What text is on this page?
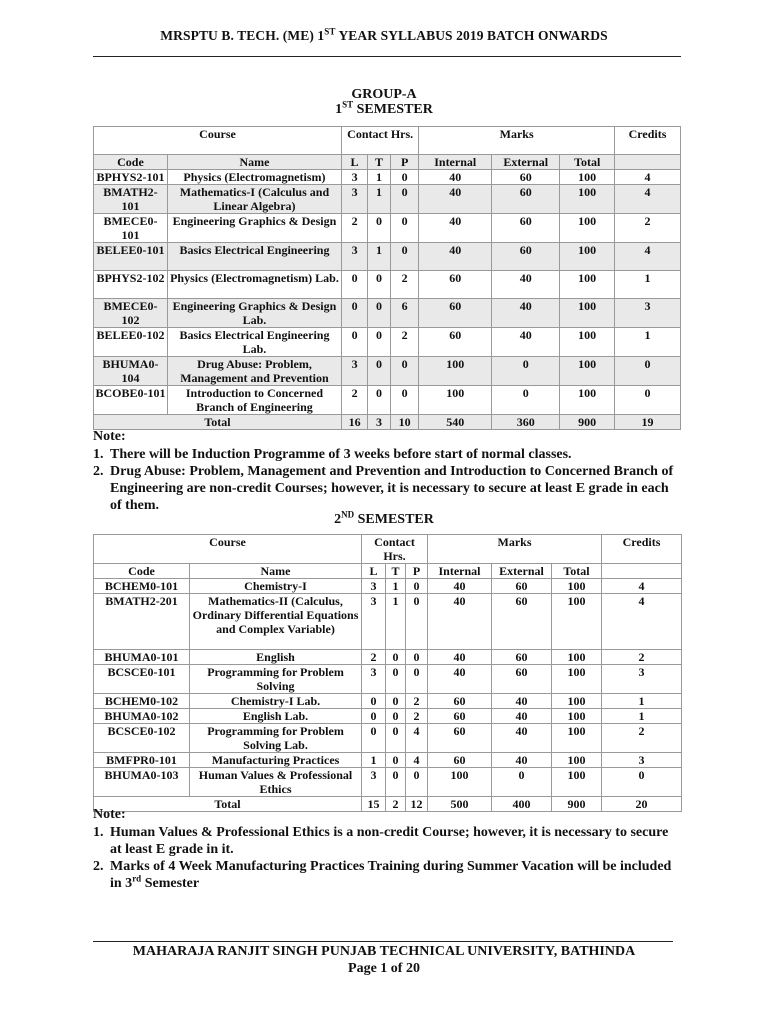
MRSPTU B. TECH. (ME) 1ST YEAR SYLLABUS 2019 BATCH ONWARDS
GROUP-A
1ST SEMESTER
Course		Contact Hrs.			Marks			Credits
Code	Name	L	T	P	Internal	External	Total	
BPHYS2-101	Physics (Electromagnetism)	3	1	0	40	60	100	4
BMATH2-101	Mathematics-I (Calculus and Linear Algebra)	3	1	0	40	60	100	4
BMECE0-101	Engineering Graphics & Design	2	0	0	40	60	100	2
BELEE0-101	Basics Electrical Engineering	3	1	0	40	60	100	4
BPHYS2-102	Physics (Electromagnetism) Lab.	0	0	2	60	40	100	1
BMECE0-102	Engineering Graphics & Design Lab.	0	0	6	60	40	100	3
BELEE0-102	Basics Electrical Engineering Lab.	0	0	2	60	40	100	1
BHUMA0-104	Drug Abuse: Problem, Management and Prevention	3	0	0	100	0	100	0
BCOBE0-101	Introduction to Concerned Branch of Engineering	2	0	0	100	0	100	0
Total		16	3	10	540	360	900	19
Note:
1. There will be Induction Programme of 3 weeks before start of normal classes.
2. Drug Abuse: Problem, Management and Prevention and Introduction to Concerned Branch of Engineering are non-credit Courses; however, it is necessary to secure at least E grade in each of them.
2ND SEMESTER
Course		Contact Hrs.			Marks			Credits
Code	Name	L	T	P	Internal	External	Total	
BCHEM0-101	Chemistry-I	3	1	0	40	60	100	4
BMATH2-201	Mathematics-II (Calculus, Ordinary Differential Equations and Complex Variable)	3	1	0	40	60	100	4
BHUMA0-101	English	2	0	0	40	60	100	2
BCSCE0-101	Programming for Problem Solving	3	0	0	40	60	100	3
BCHEM0-102	Chemistry-I Lab.	0	0	2	60	40	100	1
BHUMA0-102	English Lab.	0	0	2	60	40	100	1
BCSCE0-102	Programming for Problem Solving Lab.	0	0	4	60	40	100	2
BMFPR0-101	Manufacturing Practices	1	0	4	60	40	100	3
BHUMA0-103	Human Values & Professional Ethics	3	0	0	100	0	100	0
Total		15	2	12	500	400	900	20
Note:
1. Human Values & Professional Ethics is a non-credit Course; however, it is necessary to secure at least E grade in it.
2. Marks of 4 Week Manufacturing Practices Training during Summer Vacation will be included in 3rd Semester
MAHARAJA RANJIT SINGH PUNJAB TECHNICAL UNIVERSITY, BATHINDA
Page 1 of 20
